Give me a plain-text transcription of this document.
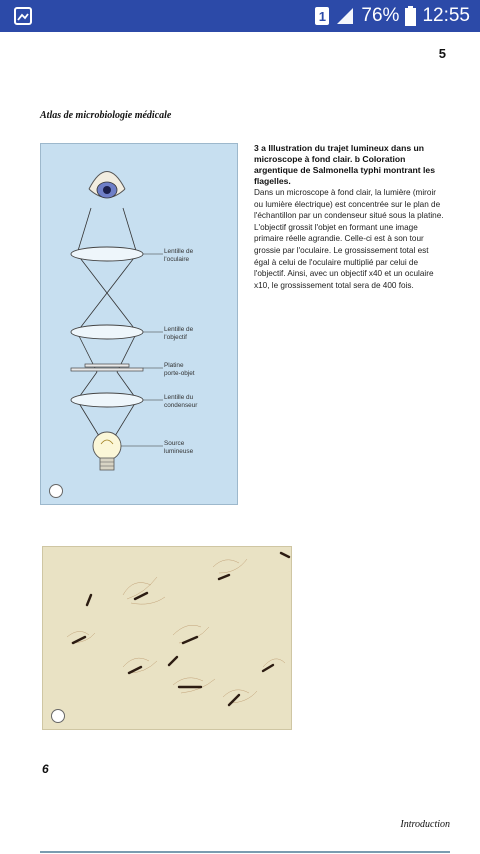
1 76% 12:55
5
Atlas de microbiologie médicale
Lentille de
l'oculaire
Lentille de
l'objectif
Platine
porte-objet
Lentille du
condenseur
Source
lumineuse
3 a Illustration du trajet lumineux dans un microscope à fond clair. b Coloration argentique de Salmonella typhi montrant les flagelles.
Dans un microscope à fond clair, la lumière (miroir ou lumière électrique) est concentrée sur le plan de l'échantillon par un condenseur situé sous la platine. L'objectif grossit l'objet en formant une image primaire réelle agrandie. Celle-ci est à son tour grossie par l'oculaire. Le grossissement total est égal à celui de l'oculaire multiplié par celui de l'objectif. Ainsi, avec un objectif x40 et un oculaire x10, le grossissement total sera de 400 fois.
6
Introduction
